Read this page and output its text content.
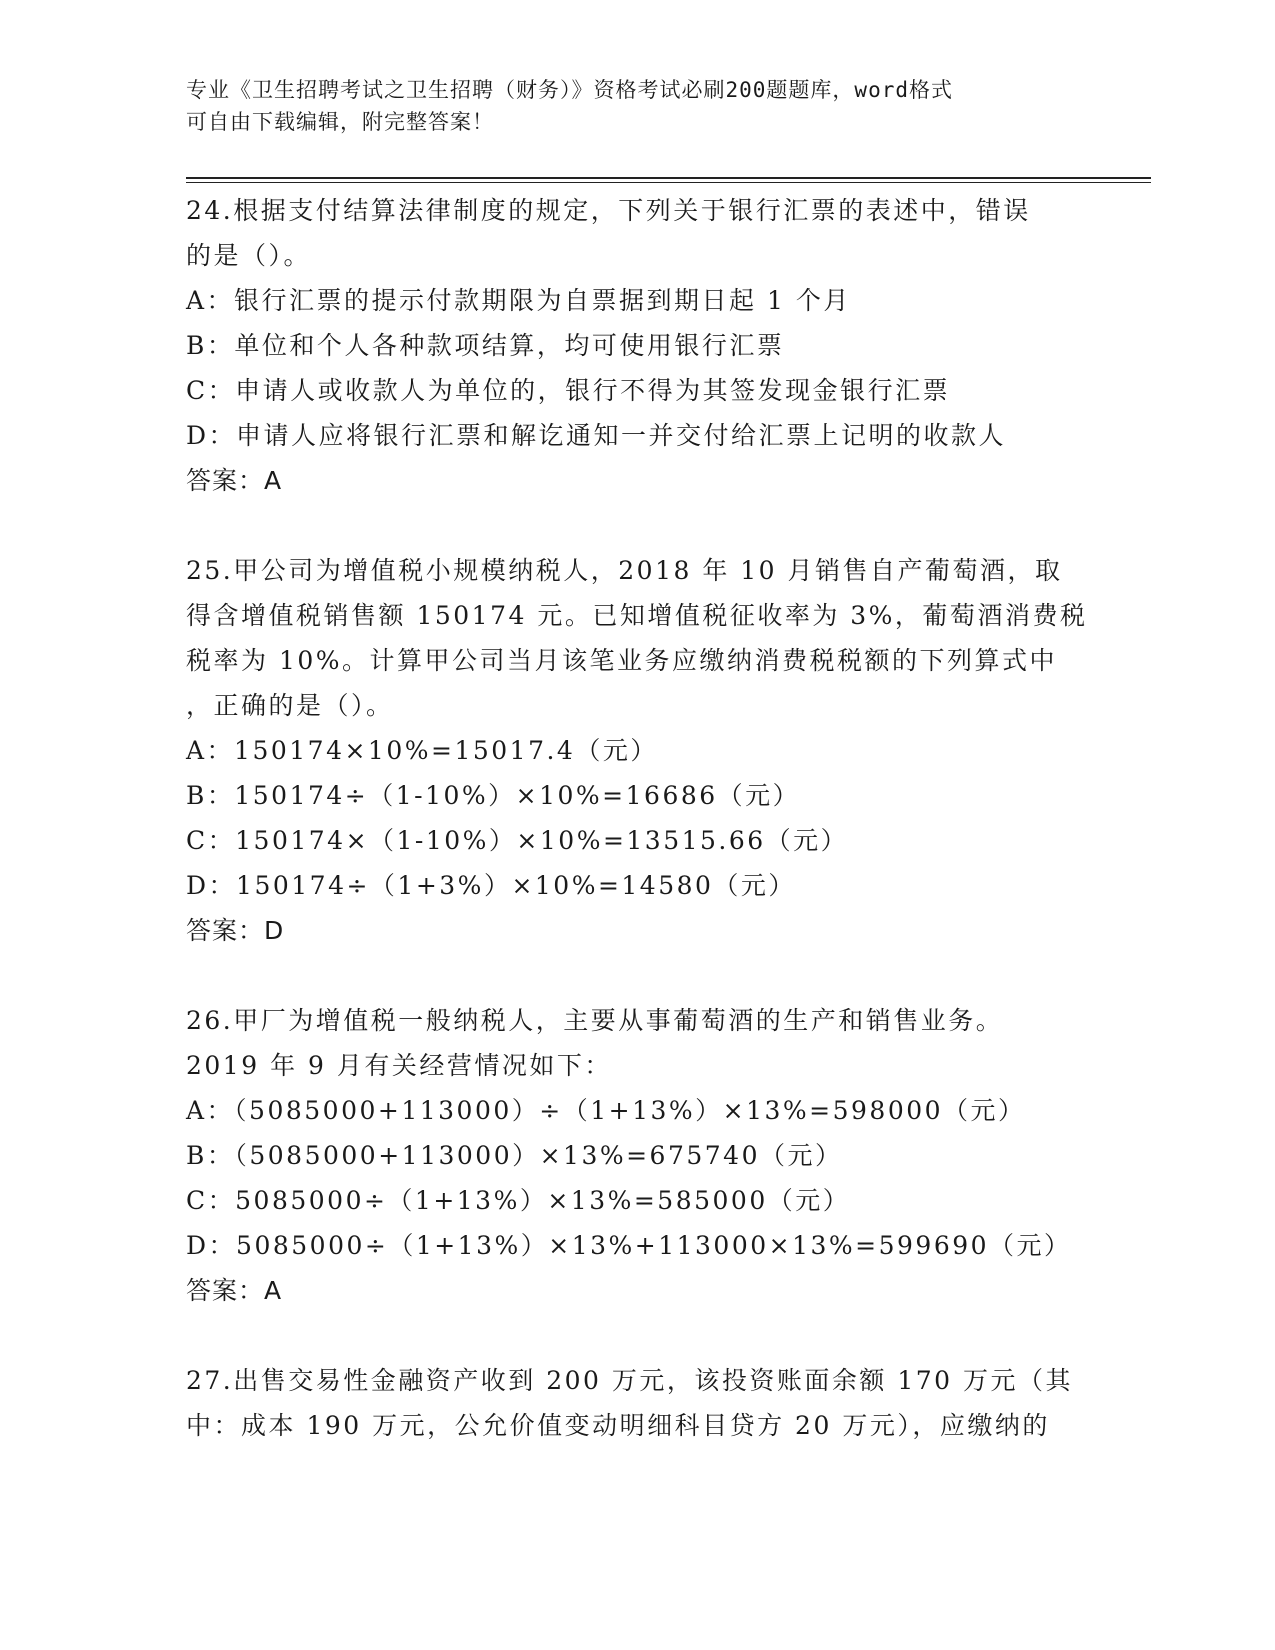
专业《卫生招聘考试之卫生招聘（财务）》资格考试必刷200题题库，word格式
可自由下载编辑，附完整答案！
24.根据支付结算法律制度的规定，下列关于银行汇票的表述中，错误
的是（）。
A：银行汇票的提示付款期限为自票据到期日起 1 个月
B：单位和个人各种款项结算，均可使用银行汇票
C：申请人或收款人为单位的，银行不得为其签发现金银行汇票
D：申请人应将银行汇票和解讫通知一并交付给汇票上记明的收款人
答案：A
25.甲公司为增值税小规模纳税人，2018 年 10 月销售自产葡萄酒，取
得含增值税销售额 150174 元。已知增值税征收率为 3%，葡萄酒消费税
税率为 10%。计算甲公司当月该笔业务应缴纳消费税税额的下列算式中
，正确的是（）。
A：150174×10%=15017.4（元）
B：150174÷（1-10%）×10%=16686（元）
C：150174×（1-10%）×10%=13515.66（元）
D：150174÷（1+3%）×10%=14580（元）
答案：D
26.甲厂为增值税一般纳税人，主要从事葡萄酒的生产和销售业务。
2019 年 9 月有关经营情况如下：
A：（5085000+113000）÷（1+13%）×13%=598000（元）
B：（5085000+113000）×13%=675740（元）
C：5085000÷（1+13%）×13%=585000（元）
D：5085000÷（1+13%）×13%+113000×13%=599690（元）
答案：A
27.出售交易性金融资产收到 200 万元，该投资账面余额 170 万元（其
中：成本 190 万元，公允价值变动明细科目贷方 20 万元），应缴纳的
